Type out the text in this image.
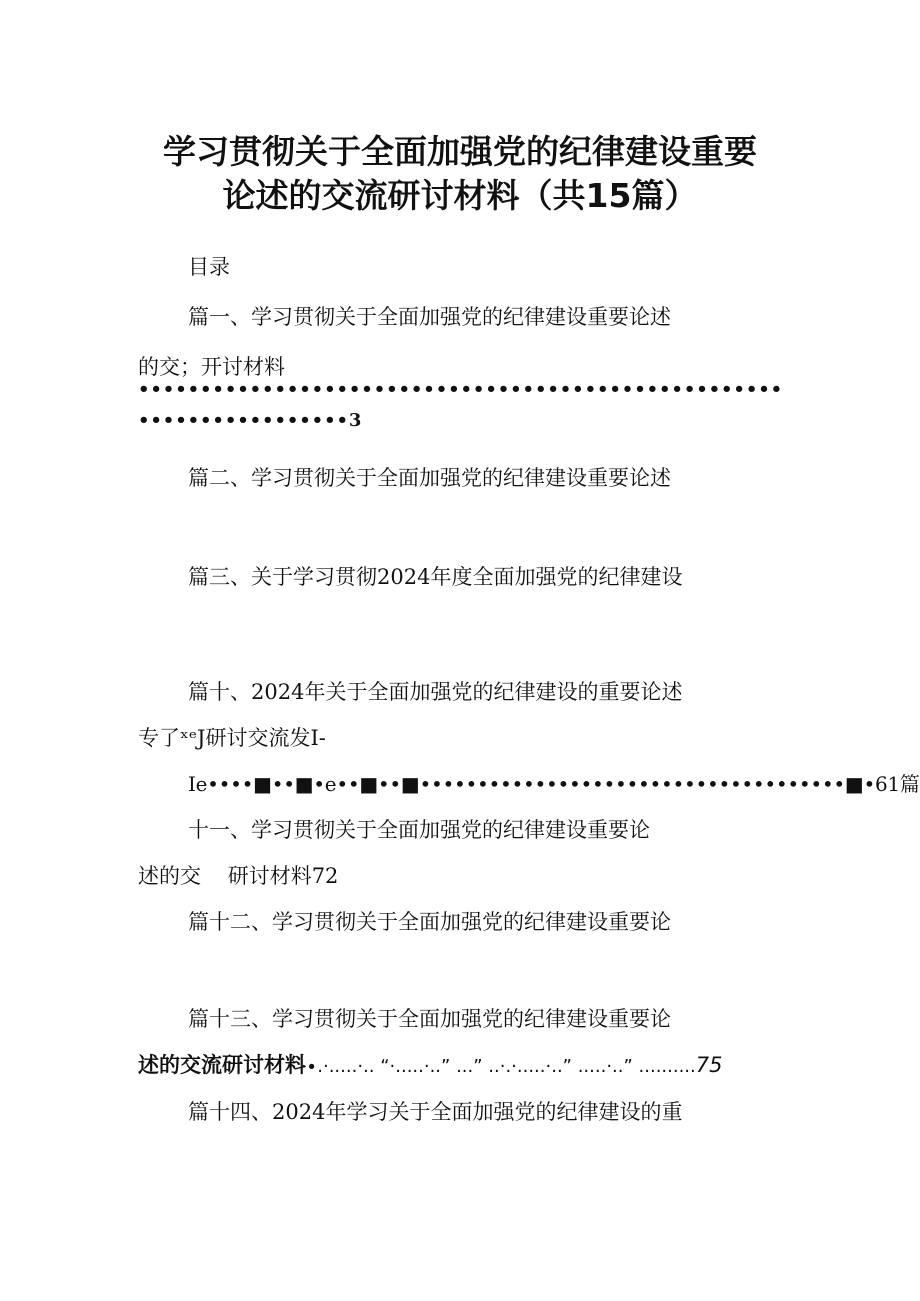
学习贯彻关于全面加强党的纪律建设重要
论述的交流研讨材料（共15篇）
目录
篇一、学习贯彻关于全面加强党的纪律建设重要论述
的交；开讨材料
••••••••••••••••••••••••••••••••••••••••••••••••••••
•••••••••••••••••3
篇二、学习贯彻关于全面加强党的纪律建设重要论述
篇三、关于学习贯彻2024年度全面加强党的纪律建设
篇十、2024年关于全面加强党的纪律建设的重要论述
专了ˣᵉJ研讨交流发I-
Ie••••■••■•e••■••■•••••••••••••••••••••••••••••••••••••■•61篇
十一、学习贯彻关于全面加强党的纪律建设重要论
述的交    研讨材料72
篇十二、学习贯彻关于全面加强党的纪律建设重要论
篇十三、学习贯彻关于全面加强党的纪律建设重要论
述的交流研讨材料∙.·.....·.. “·.....·..” ...” ..·.·.....·..” .....·..” ..........75
篇十四、2024年学习关于全面加强党的纪律建设的重
